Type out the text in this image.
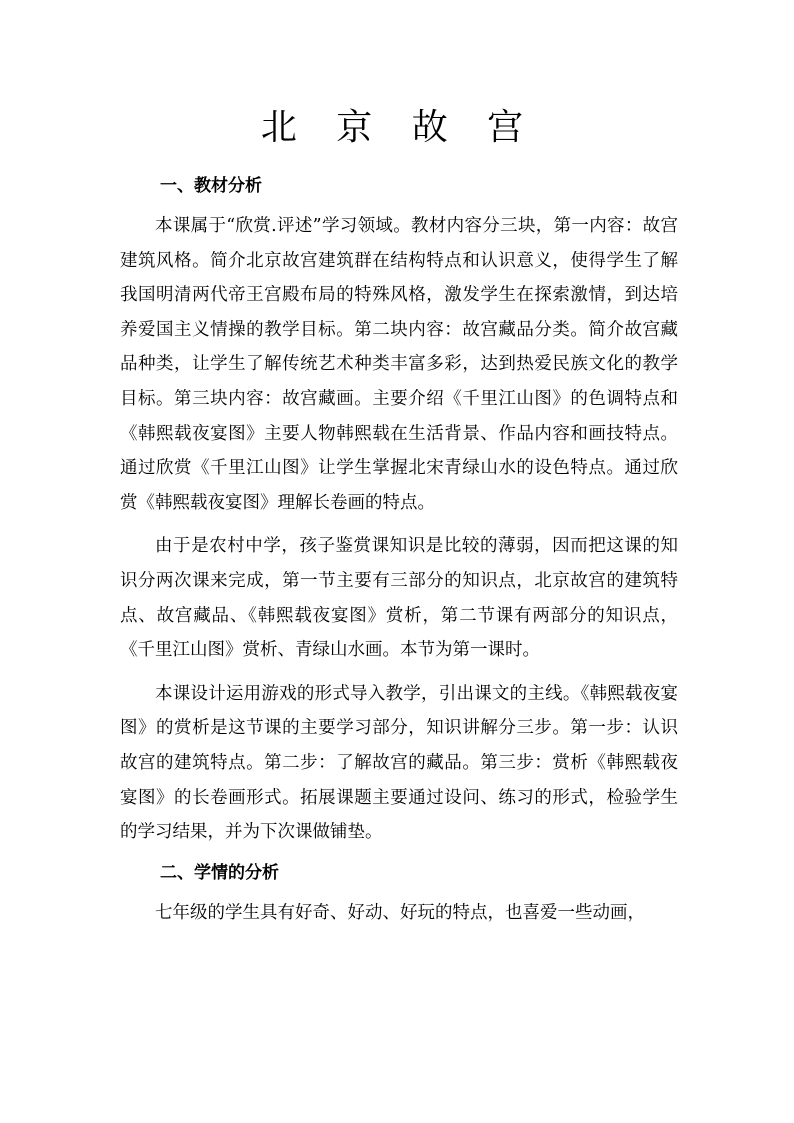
北 京 故 宫
一、教材分析

本课属于“欣赏.评述”学习领域。教材内容分三块，第一内容：故宫建筑风格。简介北京故宫建筑群在结构特点和认识意义，使得学生了解我国明清两代帝王宫殿布局的特殊风格，激发学生在探索激情，到达培养爱国主义情操的教学目标。第二块内容：故宫藏品分类。简介故宫藏品种类，让学生了解传统艺术种类丰富多彩，达到热爱民族文化的教学目标。第三块内容：故宫藏画。主要介绍《千里江山图》的色调特点和《韩熙载夜宴图》主要人物韩熙载在生活背景、作品内容和画技特点。通过欣赏《千里江山图》让学生掌握北宋青绿山水的设色特点。通过欣赏《韩熙载夜宴图》理解长卷画的特点。

由于是农村中学，孩子鉴赏课知识是比较的薄弱，因而把这课的知识分两次课来完成，第一节主要有三部分的知识点，北京故宫的建筑特点、故宫藏品、《韩熙载夜宴图》赏析，第二节课有两部分的知识点，《千里江山图》赏析、青绿山水画。本节为第一课时。

本课设计运用游戏的形式导入教学，引出课文的主线。《韩熙载夜宴图》的赏析是这节课的主要学习部分，知识讲解分三步。第一步：认识故宫的建筑特点。第二步：了解故宫的藏品。第三步：赏析《韩熙载夜宴图》的长卷画形式。拓展课题主要通过设问、练习的形式，检验学生的学习结果，并为下次课做铺垫。

二、学情的分析

七年级的学生具有好奇、好动、好玩的特点，也喜爱一些动画，
